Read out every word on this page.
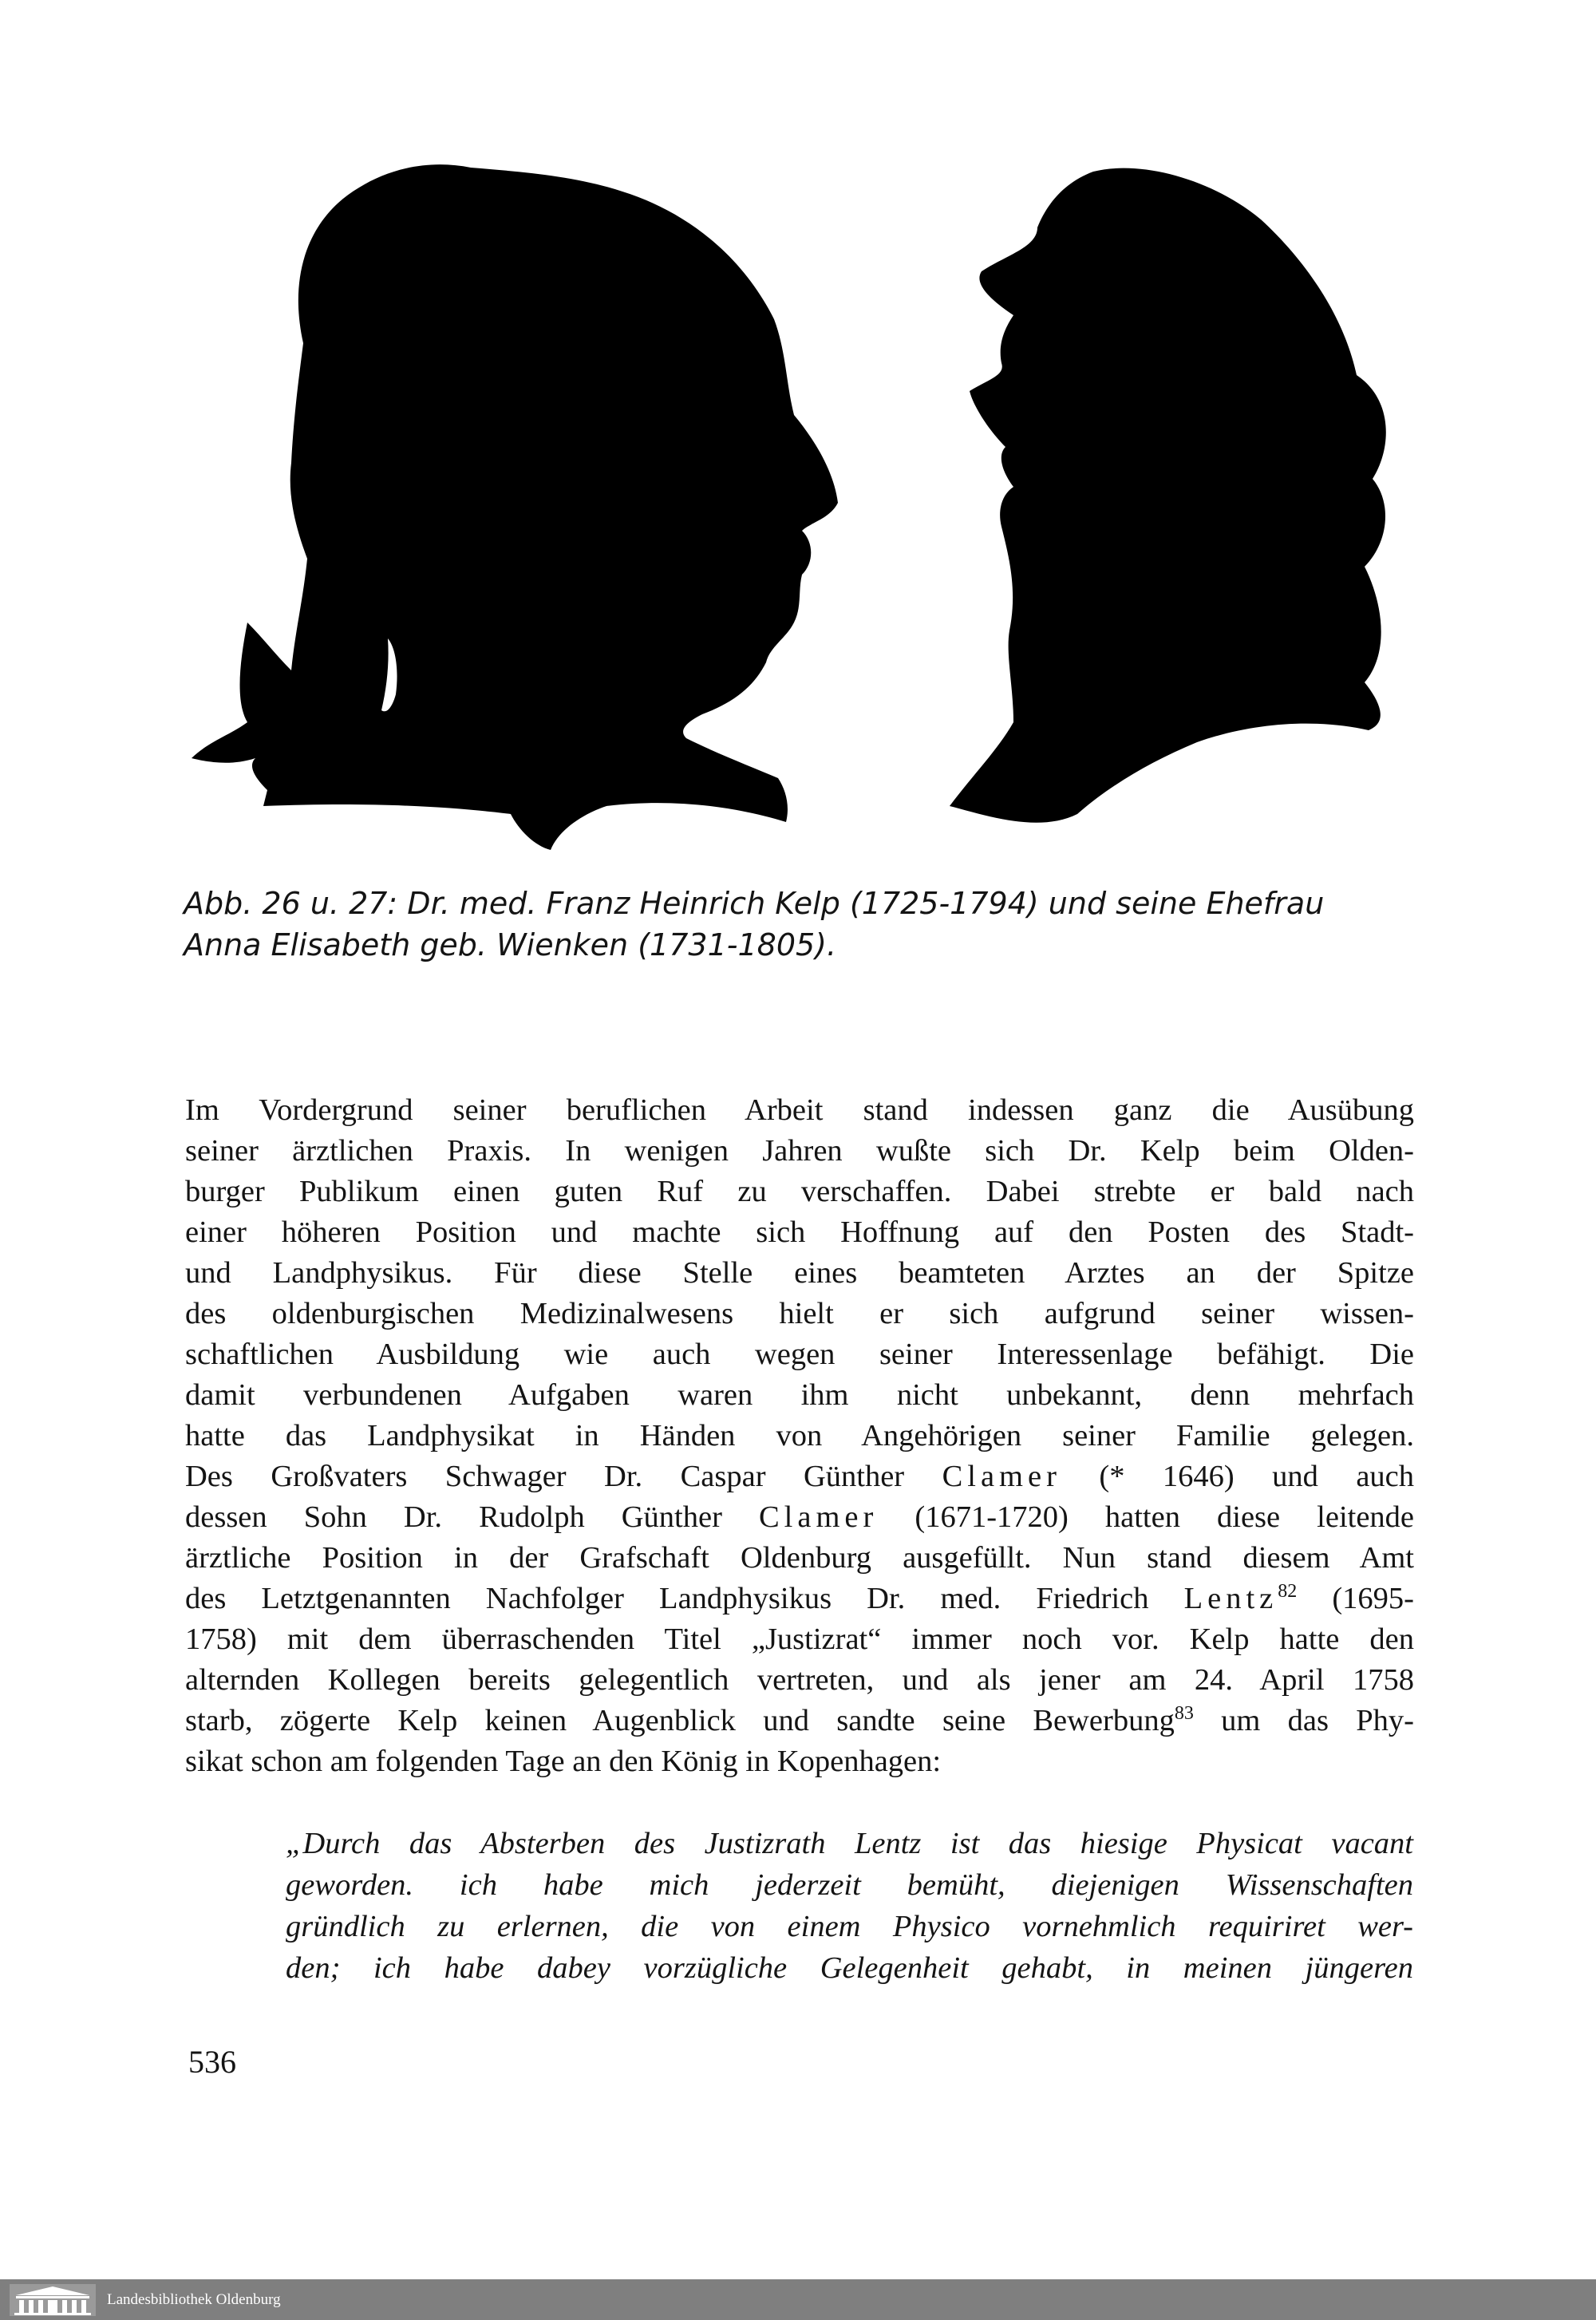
Abb. 26 u. 27: Dr. med. Franz Heinrich Kelp (1725-1794) und seine Ehefrau
Anna Elisabeth geb. Wienken (1731-1805).
Im Vordergrund seiner beruflichen Arbeit stand indessen ganz die Ausübung
seiner ärztlichen Praxis. In wenigen Jahren wußte sich Dr. Kelp beim Olden-
burger Publikum einen guten Ruf zu verschaffen. Dabei strebte er bald nach
einer höheren Position und machte sich Hoffnung auf den Posten des Stadt-
und Landphysikus. Für diese Stelle eines beamteten Arztes an der Spitze
des oldenburgischen Medizinalwesens hielt er sich aufgrund seiner wissen-
schaftlichen Ausbildung wie auch wegen seiner Interessenlage befähigt. Die
damit verbundenen Aufgaben waren ihm nicht unbekannt, denn mehrfach
hatte das Landphysikat in Händen von Angehörigen seiner Familie gelegen.
Des Großvaters Schwager Dr. Caspar Günther Clamer (* 1646) und auch
dessen Sohn Dr. Rudolph Günther Clamer (1671-1720) hatten diese leitende
ärztliche Position in der Grafschaft Oldenburg ausgefüllt. Nun stand diesem Amt
des Letztgenannten Nachfolger Landphysikus Dr. med. Friedrich Lentz$^{82}$ (1695-
1758) mit dem überraschenden Titel „Justizrat“ immer noch vor. Kelp hatte den
alternden Kollegen bereits gelegentlich vertreten, und als jener am 24. April 1758
starb, zögerte Kelp keinen Augenblick und sandte seine Bewerbung$^{83}$ um das Phy-
sikat schon am folgenden Tage an den König in Kopenhagen:
„Durch das Absterben des Justizrath Lentz ist das hiesige Physicat vacant
geworden. ich habe mich jederzeit bemüht, diejenigen Wissenschaften
gründlich zu erlernen, die von einem Physico vornehmlich requiriret wer-
den; ich habe dabey vorzügliche Gelegenheit gehabt, in meinen jüngeren
536
Landesbibliothek Oldenburg
